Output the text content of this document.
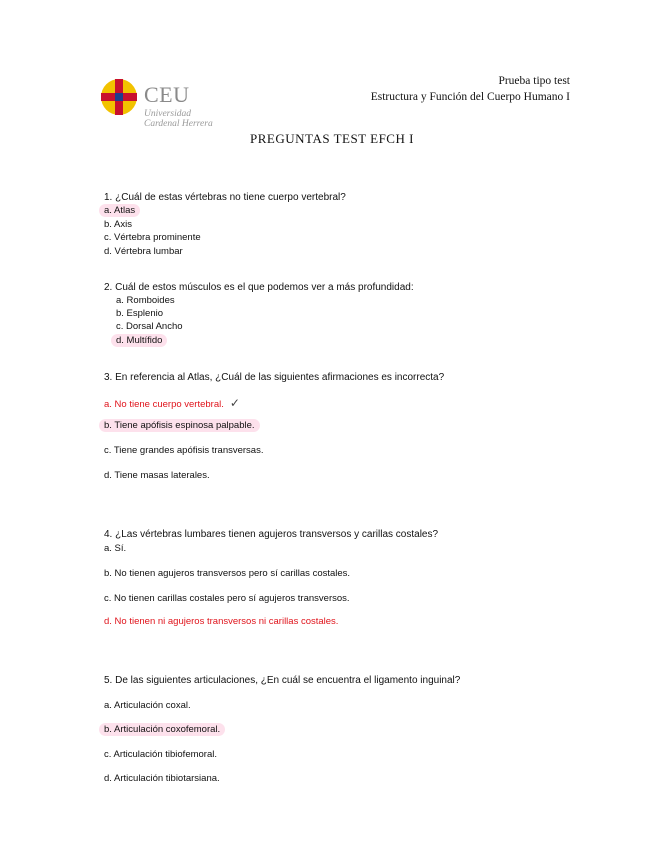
CEU
Universidad
Cardenal Herrera
Prueba tipo test
Estructura y Función del Cuerpo Humano I
PREGUNTAS TEST EFCH I
1. ¿Cuál de estas vértebras no tiene cuerpo vertebral?
a. Atlas
b. Axis
c. Vértebra prominente
d. Vértebra lumbar
2. Cuál de estos músculos es el que podemos ver a más profundidad:
a. Romboides
b. Esplenio
c. Dorsal Ancho
d. Multífido
3. En referencia al Atlas, ¿Cuál de las siguientes afirmaciones es incorrecta?
a. No tiene cuerpo vertebral. ✓
b. Tiene apófisis espinosa palpable.
c. Tiene grandes apófisis transversas.
d. Tiene masas laterales.
4. ¿Las vértebras lumbares tienen agujeros transversos y carillas costales?
a. Sí.
b. No tienen agujeros transversos pero sí carillas costales.
c. No tienen carillas costales pero sí agujeros transversos.
d. No tienen ni agujeros transversos ni carillas costales.
5. De las siguientes articulaciones, ¿En cuál se encuentra el ligamento inguinal?
a. Articulación coxal.
b. Articulación coxofemoral.
c. Articulación tibiofemoral.
d. Articulación tibiotarsiana.
